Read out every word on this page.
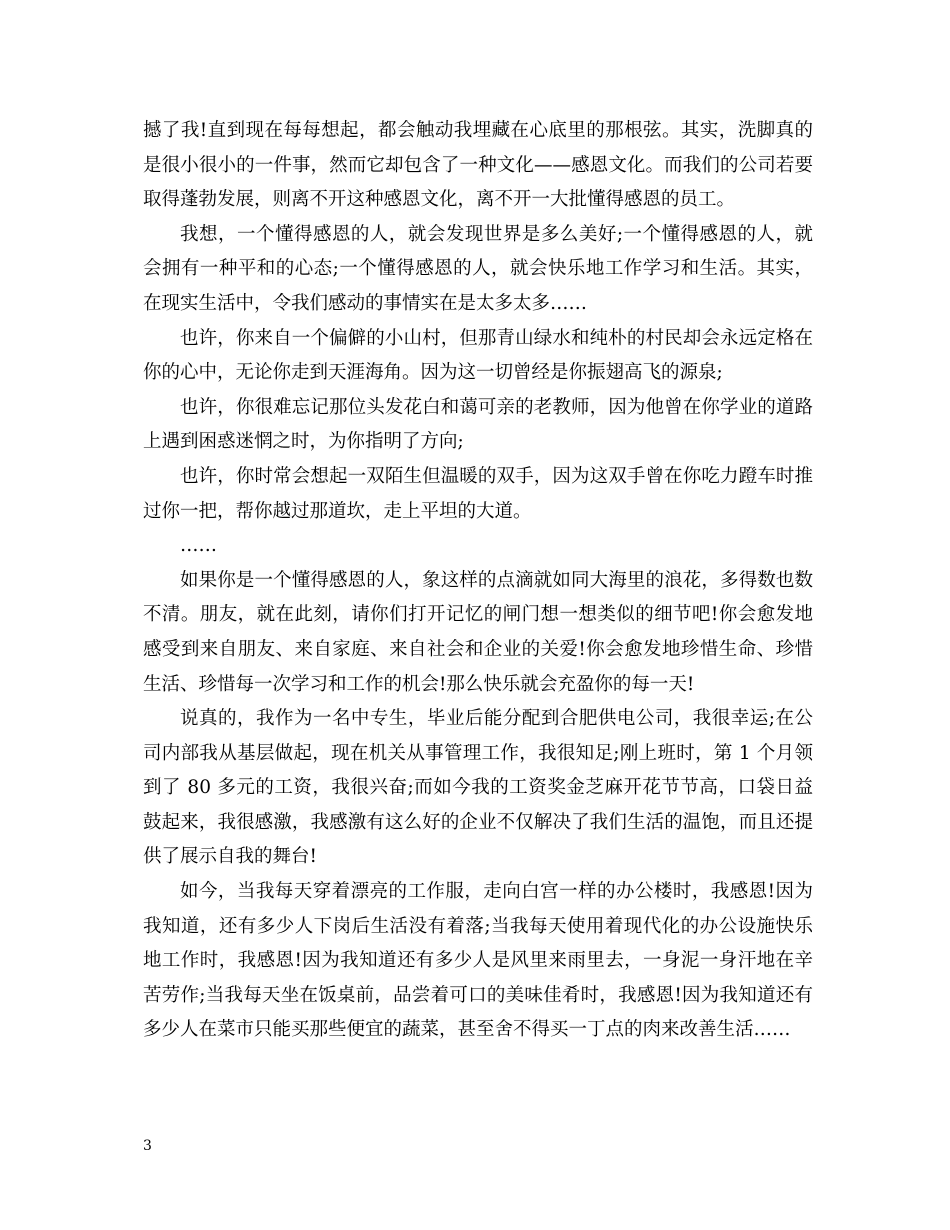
撼了我!直到现在每每想起，都会触动我埋藏在心底里的那根弦。其实，洗脚真的是很小很小的一件事，然而它却包含了一种文化——感恩文化。而我们的公司若要取得蓬勃发展，则离不开这种感恩文化，离不开一大批懂得感恩的员工。

我想，一个懂得感恩的人，就会发现世界是多么美好;一个懂得感恩的人，就会拥有一种平和的心态;一个懂得感恩的人，就会快乐地工作学习和生活。其实，在现实生活中，令我们感动的事情实在是太多太多……

也许，你来自一个偏僻的小山村，但那青山绿水和纯朴的村民却会永远定格在你的心中，无论你走到天涯海角。因为这一切曾经是你振翅高飞的源泉;

也许，你很难忘记那位头发花白和蔼可亲的老教师，因为他曾在你学业的道路上遇到困惑迷惘之时，为你指明了方向;

也许，你时常会想起一双陌生但温暖的双手，因为这双手曾在你吃力蹬车时推过你一把，帮你越过那道坎，走上平坦的大道。

……

如果你是一个懂得感恩的人，象这样的点滴就如同大海里的浪花，多得数也数不清。朋友，就在此刻，请你们打开记忆的闸门想一想类似的细节吧!你会愈发地感受到来自朋友、来自家庭、来自社会和企业的关爱!你会愈发地珍惜生命、珍惜生活、珍惜每一次学习和工作的机会!那么快乐就会充盈你的每一天!

说真的，我作为一名中专生，毕业后能分配到合肥供电公司，我很幸运;在公司内部我从基层做起，现在机关从事管理工作，我很知足;刚上班时，第 1 个月领到了 80 多元的工资，我很兴奋;而如今我的工资奖金芝麻开花节节高，口袋日益鼓起来，我很感激，我感激有这么好的企业不仅解决了我们生活的温饱，而且还提供了展示自我的舞台!

如今，当我每天穿着漂亮的工作服，走向白宫一样的办公楼时，我感恩!因为我知道，还有多少人下岗后生活没有着落;当我每天使用着现代化的办公设施快乐地工作时，我感恩!因为我知道还有多少人是风里来雨里去，一身泥一身汗地在辛苦劳作;当我每天坐在饭桌前，品尝着可口的美味佳肴时，我感恩!因为我知道还有多少人在菜市只能买那些便宜的蔬菜，甚至舍不得买一丁点的肉来改善生活……

3
